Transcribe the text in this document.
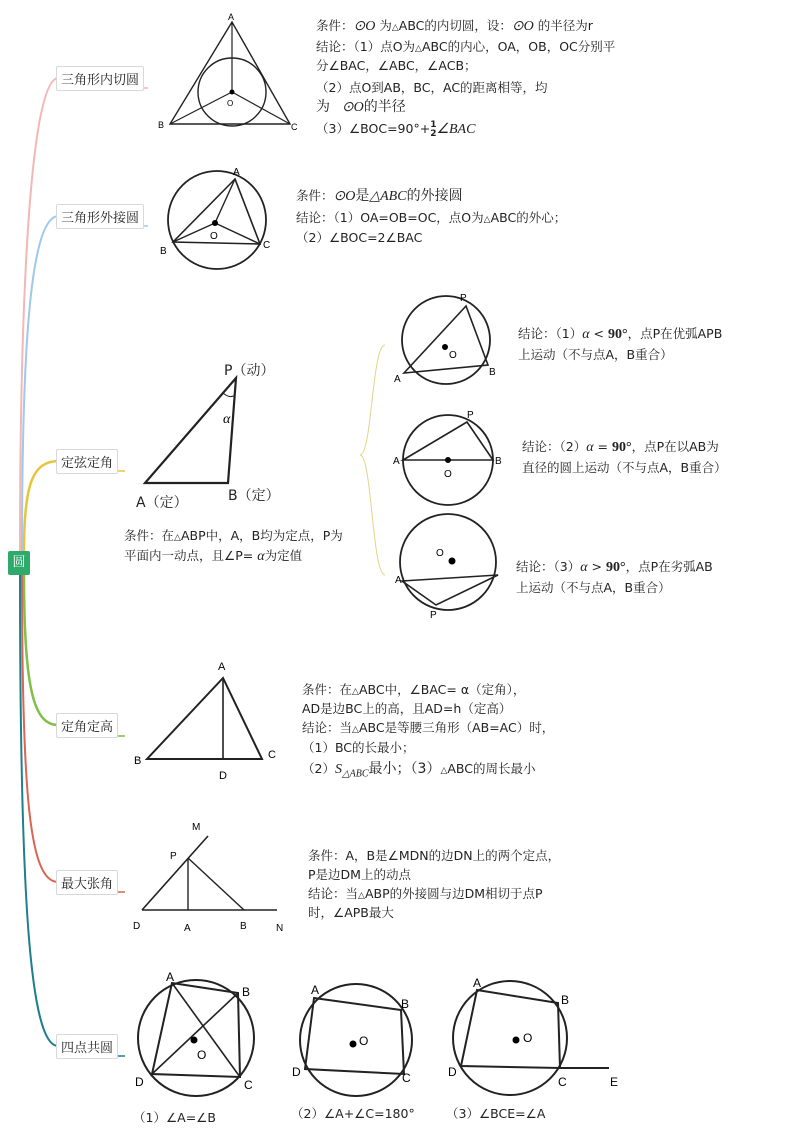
圆
三角形内切圆
三角形外接圆
定弦定角
定角定高
最大张角
四点共圆
A
B	C
O
条件：⊙O 为△ABC的内切圆，设：⊙O 的半径为r
结论：（1）点O为△ABC的内心，OA，OB，OC分别平
分∠BAC，∠ABC，∠ACB；
（2）点O到AB，BC，AC的距离相等，均
为 ⊙O的半径
（3）∠BOC=90°+1
2∠BAC
A
B
C
O
条件：⊙O是△ABC的外接圆
结论：（1）OA=OB=OC，点O为△ABC的外心；
（2）∠BOC=2∠BAC
α
P（动）
A（定）	B（定）
条件：在△ABP中，A，B均为定点，P为
平面内一动点，且∠P= α为定值
P
A
B
O
结论：（1）α < 90°，点P在优弧APB
上运动（不与点A，B重合）
P
A	B
O
结论：（2）α = 90°，点P在以AB为
直径的圆上运动（不与点A，B重合）
O
A
P
结论：（3）α > 90°，点P在劣弧AB
上运动（不与点A，B重合）
A
B	C
D
条件：在△ABC中，∠BAC= α（定角），
AD是边BC上的高，且AD=h（定高）
结论：当△ABC是等腰三角形（AB=AC）时，
（1）BC的长最小；
$(2)S_{\triangle ABC}$最小；（3）△ABC的周长最小
M
P
D	A	B	N
条件：A，B是∠MDN的边DN上的两个定点，
P是边DM上的动点
结论：当△ABP的外接圆与边DM相切于点P
时，∠APB最大
A
B
C
D
O
（1）∠A=∠B
A
B
C
D
O
（2）∠A+∠C=180°
A
B
C
D
O
E
（3）∠BCE=∠A
